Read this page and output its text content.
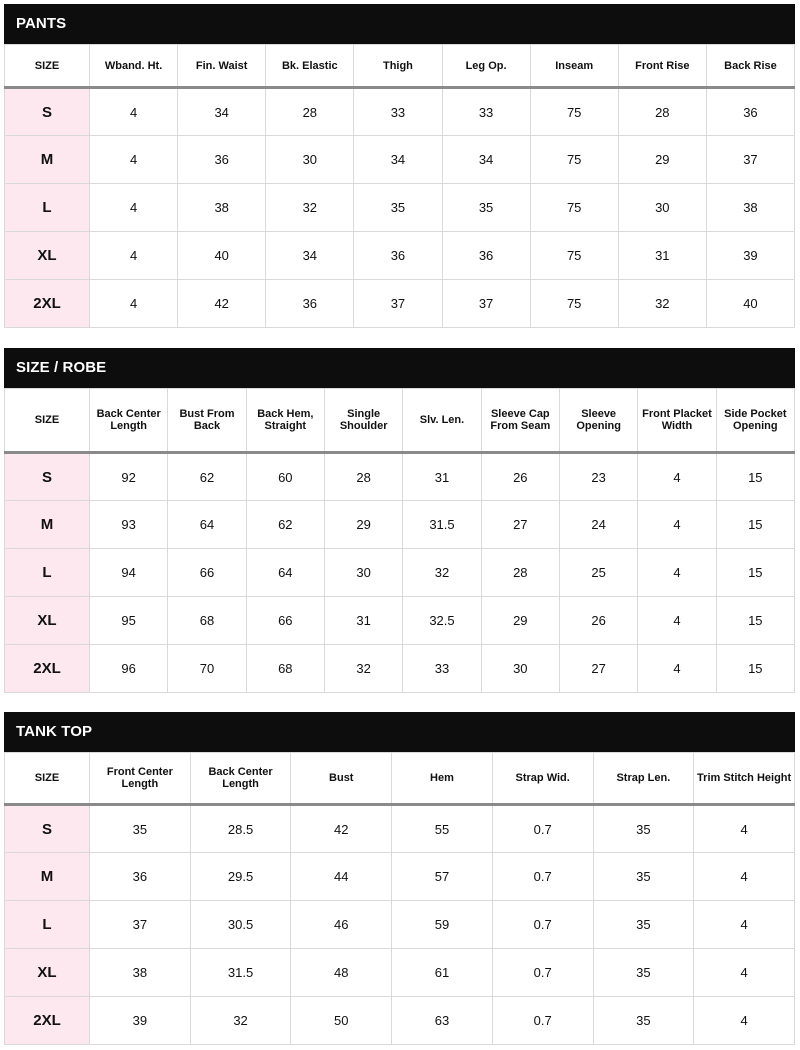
PANTS
SIZE	Wband. Ht.	Fin. Waist	Bk. Elastic	Thigh	Leg Op.	Inseam	Front Rise	Back Rise
S	4	34	28	33	33	75	28	36
M	4	36	30	34	34	75	29	37
L	4	38	32	35	35	75	30	38
XL	4	40	34	36	36	75	31	39
2XL	4	42	36	37	37	75	32	40
SIZE / ROBE
SIZE	Back Center Length	Bust From Back	Back Hem, Straight	Single Shoulder	Slv. Len.	Sleeve Cap From Seam	Sleeve Opening	Front Placket Width	Side Pocket Opening
S	92	62	60	28	31	26	23	4	15
M	93	64	62	29	31.5	27	24	4	15
L	94	66	64	30	32	28	25	4	15
XL	95	68	66	31	32.5	29	26	4	15
2XL	96	70	68	32	33	30	27	4	15
TANK TOP
SIZE	Front Center Length	Back Center Length	Bust	Hem	Strap Wid.	Strap Len.	Trim Stitch Height
S	35	28.5	42	55	0.7	35	4
M	36	29.5	44	57	0.7	35	4
L	37	30.5	46	59	0.7	35	4
XL	38	31.5	48	61	0.7	35	4
2XL	39	32	50	63	0.7	35	4
